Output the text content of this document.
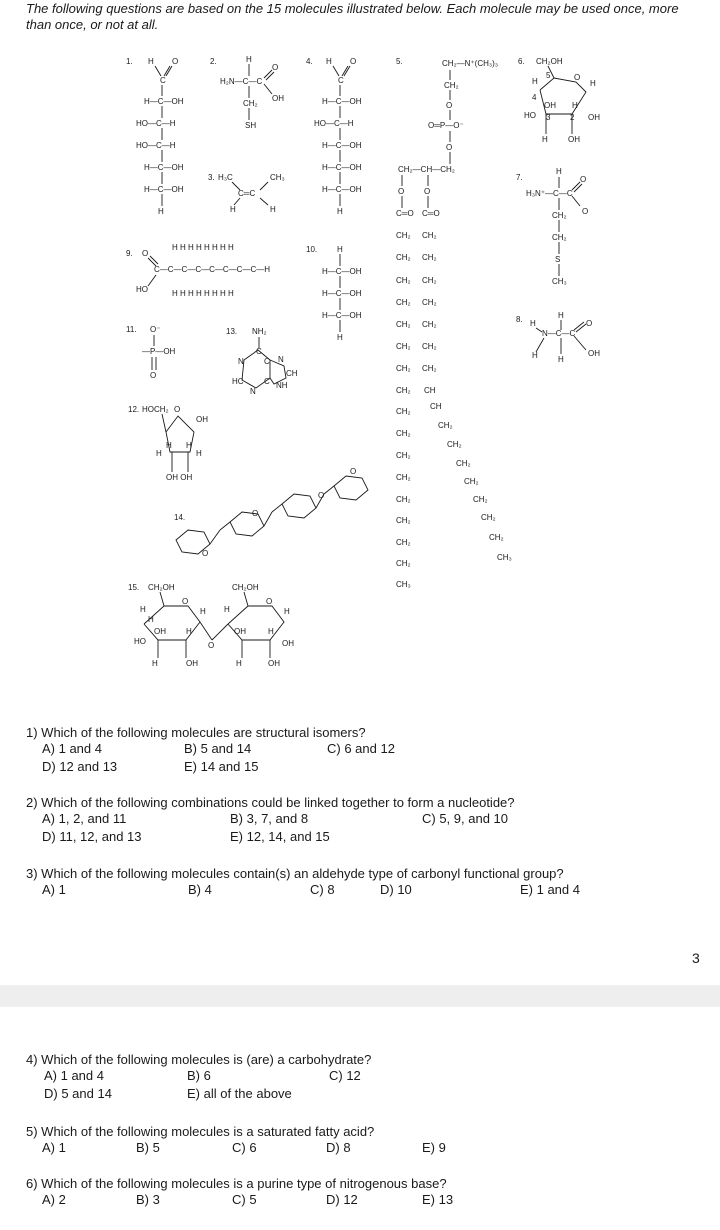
The following questions are based on the 15 molecules illustrated below. Each molecule may be used once, more than once, or not at all.
1. H O
C
H—C—OH
HO—C—H
HO—C—H
H—C—OH
H—C—OH
H
2.	H
H₂N—C—C
O
OH
CH₂
SH
3. H₃C	CH₃
C═C
H	H
4. H O
C
H—C—OH
HO—C—H
H—C—OH
H—C—OH
H—C—OH
H
5.	CH₂—N⁺(CH₃)₃
CH₂
O
O═P—O⁻
O
CH₂—CH—CH₂
O O
C═O C═O
CH₂
CH₂
CH₂
CH₂
CH₂
CH₂
CH₂
CH₂
CH₂
CH₂
CH₂
CH₂
CH₂
CH₂
CH₂
CH₂
CH₃
CH₂
CH₂
CH₂
CH₂
CH₂
CH₂
CH₂
CH
CH
CH₂
CH₂
CH₂
CH₂
CH₂
CH₂
CH₂
CH₃
6. CH₂OH
H
5	O
H
4
OH H
HO 3 2 OH
H	OH
7.
H
O
H₃N⁺—C—C
O
CH₂
CH₂
S
CH₃
8. H
H
O
N—C—C
H	H
OH
9. O
HO
H H H H H H H H
C—C—C—C—C—C—C—C—H
H H H H H H H H
10. H
H—C—OH
H—C—OH
H—C—OH
H
11. O⁻
—P—OH
O
12. HOCH₂ O
OH
H
H H
H
OH OH
13. NH₂
C
N	C N
CH
HC
N
C NH
14.
O
O
O
O
15. CH₂OH
O
H
H
H
OH	H
HO	O
H	OH
CH₂OH
O
H
H
OH	H
OH
H	OH
1) Which of the following molecules are structural isomers?
A) 1 and 4	B) 5 and 14	C) 6 and 12
D) 12 and 13	E) 14 and 15
2) Which of the following combinations could be linked together to form a nucleotide?
A) 1, 2, and 11	B) 3, 7, and 8	C) 5, 9, and 10
D) 11, 12, and 13	E) 12, 14, and 15
3) Which of the following molecules contain(s) an aldehyde type of carbonyl functional group?
A) 1	B) 4	C) 8	D) 10	E) 1 and 4
3
4) Which of the following molecules is (are) a carbohydrate?
A) 1 and 4	B) 6	C) 12
D) 5 and 14	E) all of the above
5) Which of the following molecules is a saturated fatty acid?
A) 1	B) 5	C) 6	D) 8	E) 9
6) Which of the following molecules is a purine type of nitrogenous base?
A) 2	B) 3	C) 5	D) 12	E) 13
